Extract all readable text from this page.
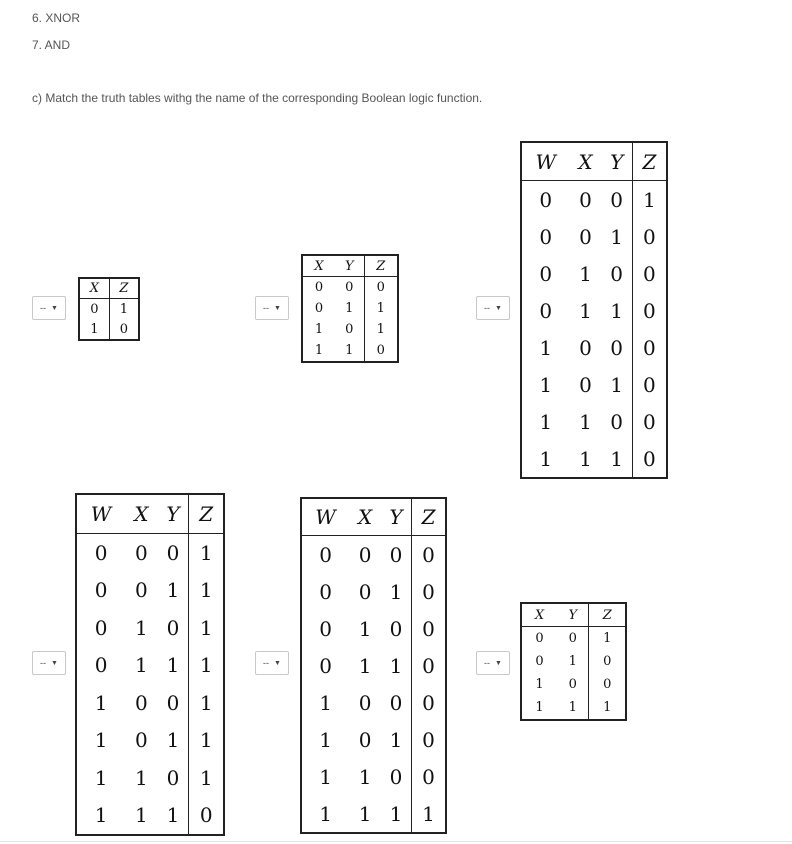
6. XNOR
7. AND
c) Match the truth tables withg the name of the corresponding Boolean logic function.
-- ▼	-- ▼	-- ▼
-- ▼	-- ▼	-- ▼
X	Z
0	1
1	0
X	Y	Z
0	0	0
0	1	1
1	0	1
1	1	0
W	X	Y	Z
0	0	0	1
0	0	1	0
0	1	0	0
0	1	1	0
1	0	0	0
1	0	1	0
1	1	0	0
1	1	1	0
W	X	Y	Z
0	0	0	1
0	0	1	1
0	1	0	1
0	1	1	1
1	0	0	1
1	0	1	1
1	1	0	1
1	1	1	0
W	X	Y	Z
0	0	0	0
0	0	1	0
0	1	0	0
0	1	1	0
1	0	0	0
1	0	1	0
1	1	0	0
1	1	1	1
X	Y	Z
0	0	1
0	1	0
1	0	0
1	1	1
